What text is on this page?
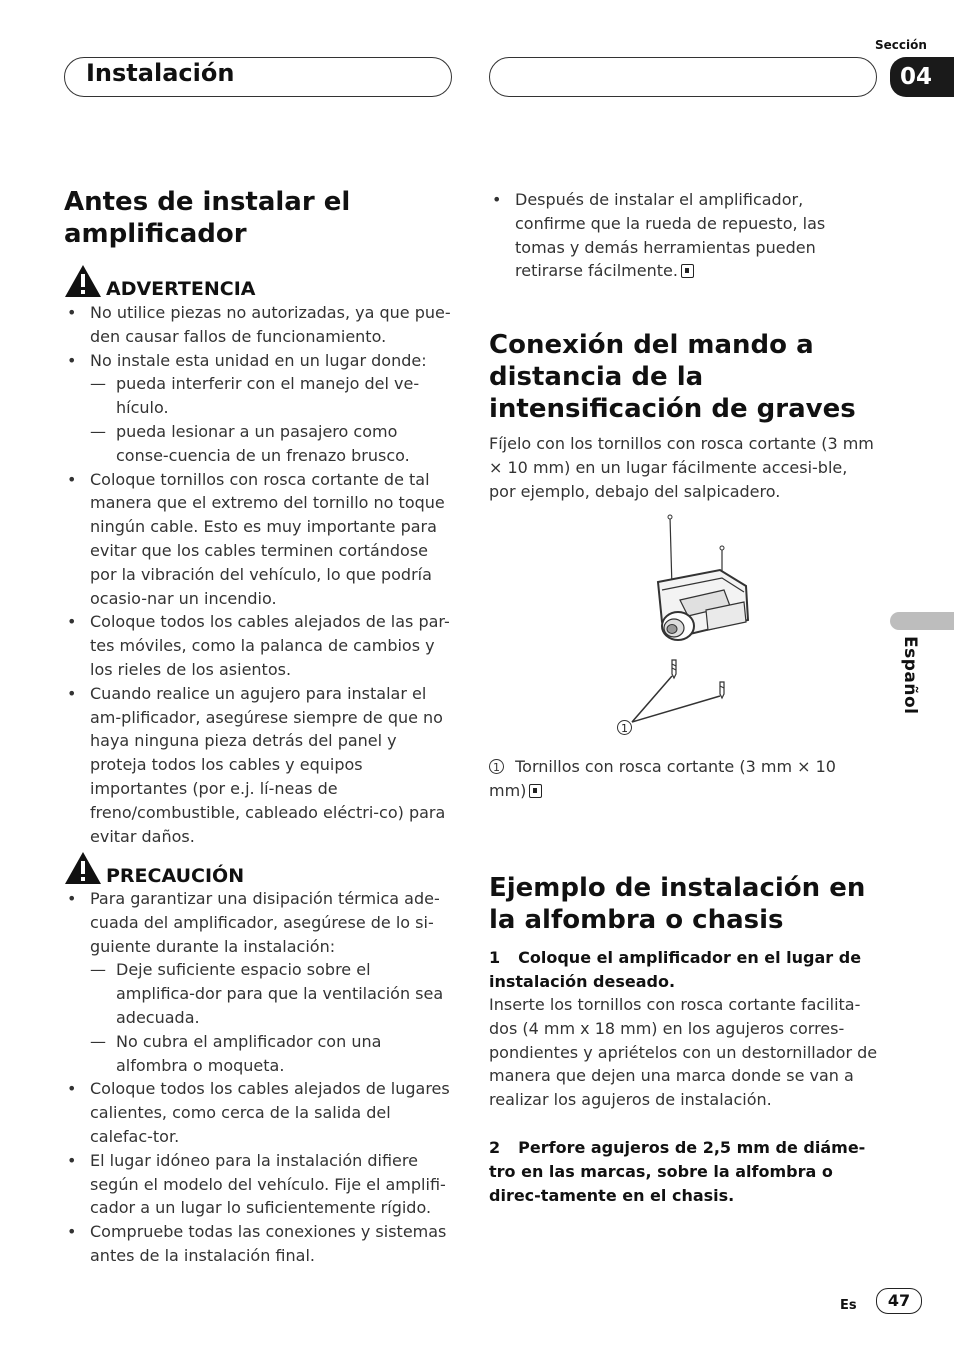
Instalación
Sección
04
Español
Antes de instalar el
amplificador
ADVERTENCIA
• No utilice piezas no autorizadas, ya que pue-den causar fallos de funcionamiento.
• No instale esta unidad en un lugar donde:
— pueda interferir con el manejo del ve-hículo.
— pueda lesionar a un pasajero como conse-cuencia de un frenazo brusco.
• Coloque tornillos con rosca cortante de tal manera que el extremo del tornillo no toque ningún cable. Esto es muy importante para evitar que los cables terminen cortándose por la vibración del vehículo, lo que podría ocasio-nar un incendio.
• Coloque todos los cables alejados de las par-tes móviles, como la palanca de cambios y los rieles de los asientos.
• Cuando realice un agujero para instalar el am-plificador, asegúrese siempre de que no haya ninguna pieza detrás del panel y proteja todos los cables y equipos importantes (por e.j. lí-neas de freno/combustible, cableado eléctri-co) para evitar daños.
PRECAUCIÓN
• Para garantizar una disipación térmica ade-cuada del amplificador, asegúrese de lo si-guiente durante la instalación:
— Deje suficiente espacio sobre el amplifica-dor para que la ventilación sea adecuada.
— No cubra el amplificador con una alfombra o moqueta.
• Coloque todos los cables alejados de lugares calientes, como cerca de la salida del calefac-tor.
• El lugar idóneo para la instalación difiere según el modelo del vehículo. Fije el amplifi-cador a un lugar lo suficientemente rígido.
• Compruebe todas las conexiones y sistemas antes de la instalación final.
• Después de instalar el amplificador, confirme que la rueda de repuesto, las tomas y demás herramientas pueden retirarse fácilmente.
Conexión del mando a
distancia de la
intensificación de graves
Fíjelo con los tornillos con rosca cortante (3 mm × 10 mm) en un lugar fácilmente accesi-ble, por ejemplo, debajo del salpicadero.
1
1 Tornillos con rosca cortante (3 mm × 10 mm)
Ejemplo de instalación en
la alfombra o chasis
1 Coloque el amplificador en el lugar de instalación deseado.
Inserte los tornillos con rosca cortante facilita-dos (4 mm x 18 mm) en los agujeros corres-pondientes y apriételos con un destornillador de manera que dejen una marca donde se van a realizar los agujeros de instalación.
2 Perfore agujeros de 2,5 mm de diáme-tro en las marcas, sobre la alfombra o direc-tamente en el chasis.
Es	47
